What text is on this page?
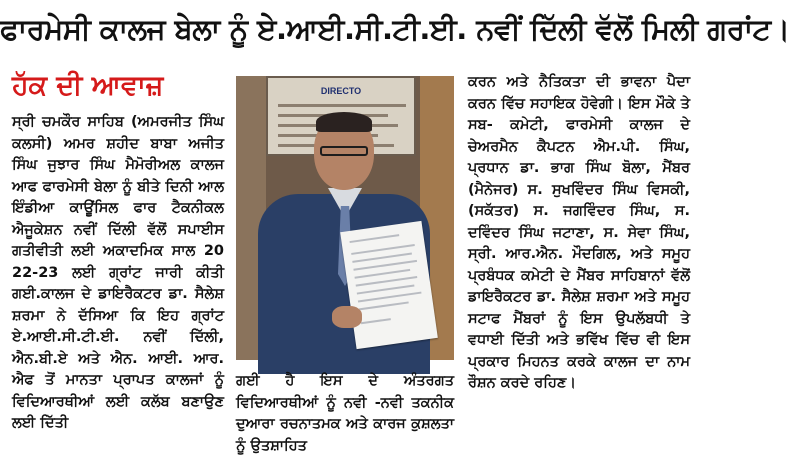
ਫਾਰਮੇਸੀ ਕਾਲਜ ਬੇਲਾ ਨੂੰ ਏ.ਆਈ.ਸੀ.ਟੀ.ਈ. ਨਵੀਂ ਦਿੱਲੀ ਵੱਲੋਂ ਮਿਲੀ ਗਰਾਂਟ।
ਹੱਕ ਦੀ ਆਵਾਜ਼
ਸ੍ਰੀ ਚਮਕੌਰ ਸਾਹਿਬ (ਅਮਰਜੀਤ ਸਿੰਘ ਕਲਸੀ) ਅਮਰ ਸ਼ਹੀਦ ਬਾਬਾ ਅਜੀਤ ਸਿੰਘ ਜੁਝਾਰ ਸਿੰਘ ਮੈਮੋਰੀਅਲ ਕਾਲਜ ਆਫ ਫਾਰਮੇਸੀ ਬੇਲਾ ਨੂੰ ਬੀਤੇ ਦਿਨੀ ਆਲ ਇੰਡੀਆ ਕਾਊਂਸਿਲ ਫਾਰ ਟੈਕਨੀਕਲ ਐਜੂਕੇਸ਼ਨ ਨਵੀਂ ਦਿੱਲੀ ਵੱਲੋਂ ਸਪਾਈਸ ਗਤੀਵੀਤੀ ਲਈ ਅਕਾਦਮਿਕ ਸਾਲ 20 22-23 ਲਈ ਗ੍ਰਾਂਟ ਜਾਰੀ ਕੀਤੀ ਗਈ.ਕਾਲਜ ਦੇ ਡਾਇਰੈਕਟਰ ਡਾ. ਸੈਲੇਸ਼ ਸ਼ਰਮਾ ਨੇ ਦੱਸਿਆ ਕਿ ਇਹ ਗ੍ਰਾਂਟ ਏ.ਆਈ.ਸੀ.ਟੀ.ਈ. ਨਵੀਂ ਦਿੱਲੀ, ਐਨ.ਬੀ.ਏ ਅਤੇ ਐਨ. ਆਈ. ਆਰ. ਐਫ ਤੋਂ ਮਾਨਤਾ ਪ੍ਰਾਪਤ ਕਾਲਜਾਂ ਨੂੰ ਵਿਦਿਆਰਥੀਆਂ ਲਈ ਕਲੱਬ ਬਣਾਉਣ ਲਈ ਦਿੱਤੀ
DIRECTO
ਗਈ ਹੈ ਇਸ ਦੇ ਅੰਤਰਗਤ ਵਿਦਿਆਰਥੀਆਂ ਨੂੰ ਨਵੀ -ਨਵੀ ਤਕਨੀਕ ਦੁਆਰਾ ਰਚਨਾਤਮਕ ਅਤੇ ਕਾਰਜ ਕੁਸ਼ਲਤਾ ਨੂੰ ਉਤਸ਼ਾਹਿਤ
ਕਰਨ ਅਤੇ ਨੈਤਿਕਤਾ ਦੀ ਭਾਵਨਾ ਪੈਦਾ ਕਰਨ ਵਿੱਚ ਸਹਾਇਕ ਹੋਵੇਗੀ। ਇਸ ਮੌਕੇ ਤੇ ਸਬ- ਕਮੇਟੀ, ਫਾਰਮੇਸੀ ਕਾਲਜ ਦੇ ਚੇਅਰਮੈਨ ਕੈਪਟਨ ਐਮ.ਪੀ. ਸਿੰਘ, ਪ੍ਰਧਾਨ ਡਾ. ਭਾਗ ਸਿੰਘ ਬੋਲਾ, ਮੈਂਬਰ (ਮੈਨੇਜਰ) ਸ. ਸੁਖਵਿੰਦਰ ਸਿੰਘ ਵਿਸਕੀ, (ਸਕੱਤਰ) ਸ. ਜਗਵਿੰਦਰ ਸਿੰਘ, ਸ. ਦਵਿੰਦਰ ਸਿੰਘ ਜਟਾਣਾ, ਸ. ਸੇਵਾ ਸਿੰਘ, ਸ੍ਰੀ. ਆਰ.ਐਨ. ਮੌਦਗਿਲ, ਅਤੇ ਸਮੂਹ ਪ੍ਰਬੰਧਕ ਕਮੇਟੀ ਦੇ ਮੈਂਬਰ ਸਾਹਿਬਾਨਾਂ ਵੱਲੋਂ ਡਾਇਰੈਕਟਰ ਡਾ. ਸੈਲੇਸ਼ ਸ਼ਰਮਾ ਅਤੇ ਸਮੂਹ ਸਟਾਫ ਮੈਂਬਰਾਂ ਨੂੰ ਇਸ ਉਪਲੱਬਧੀ ਤੇ ਵਧਾਈ ਦਿੱਤੀ ਅਤੇ ਭਵਿੱਖ ਵਿੱਚ ਵੀ ਇਸ ਪ੍ਰਕਾਰ ਮਿਹਨਤ ਕਰਕੇ ਕਾਲਜ ਦਾ ਨਾਮ ਰੌਸ਼ਨ ਕਰਦੇ ਰਹਿਣ।
